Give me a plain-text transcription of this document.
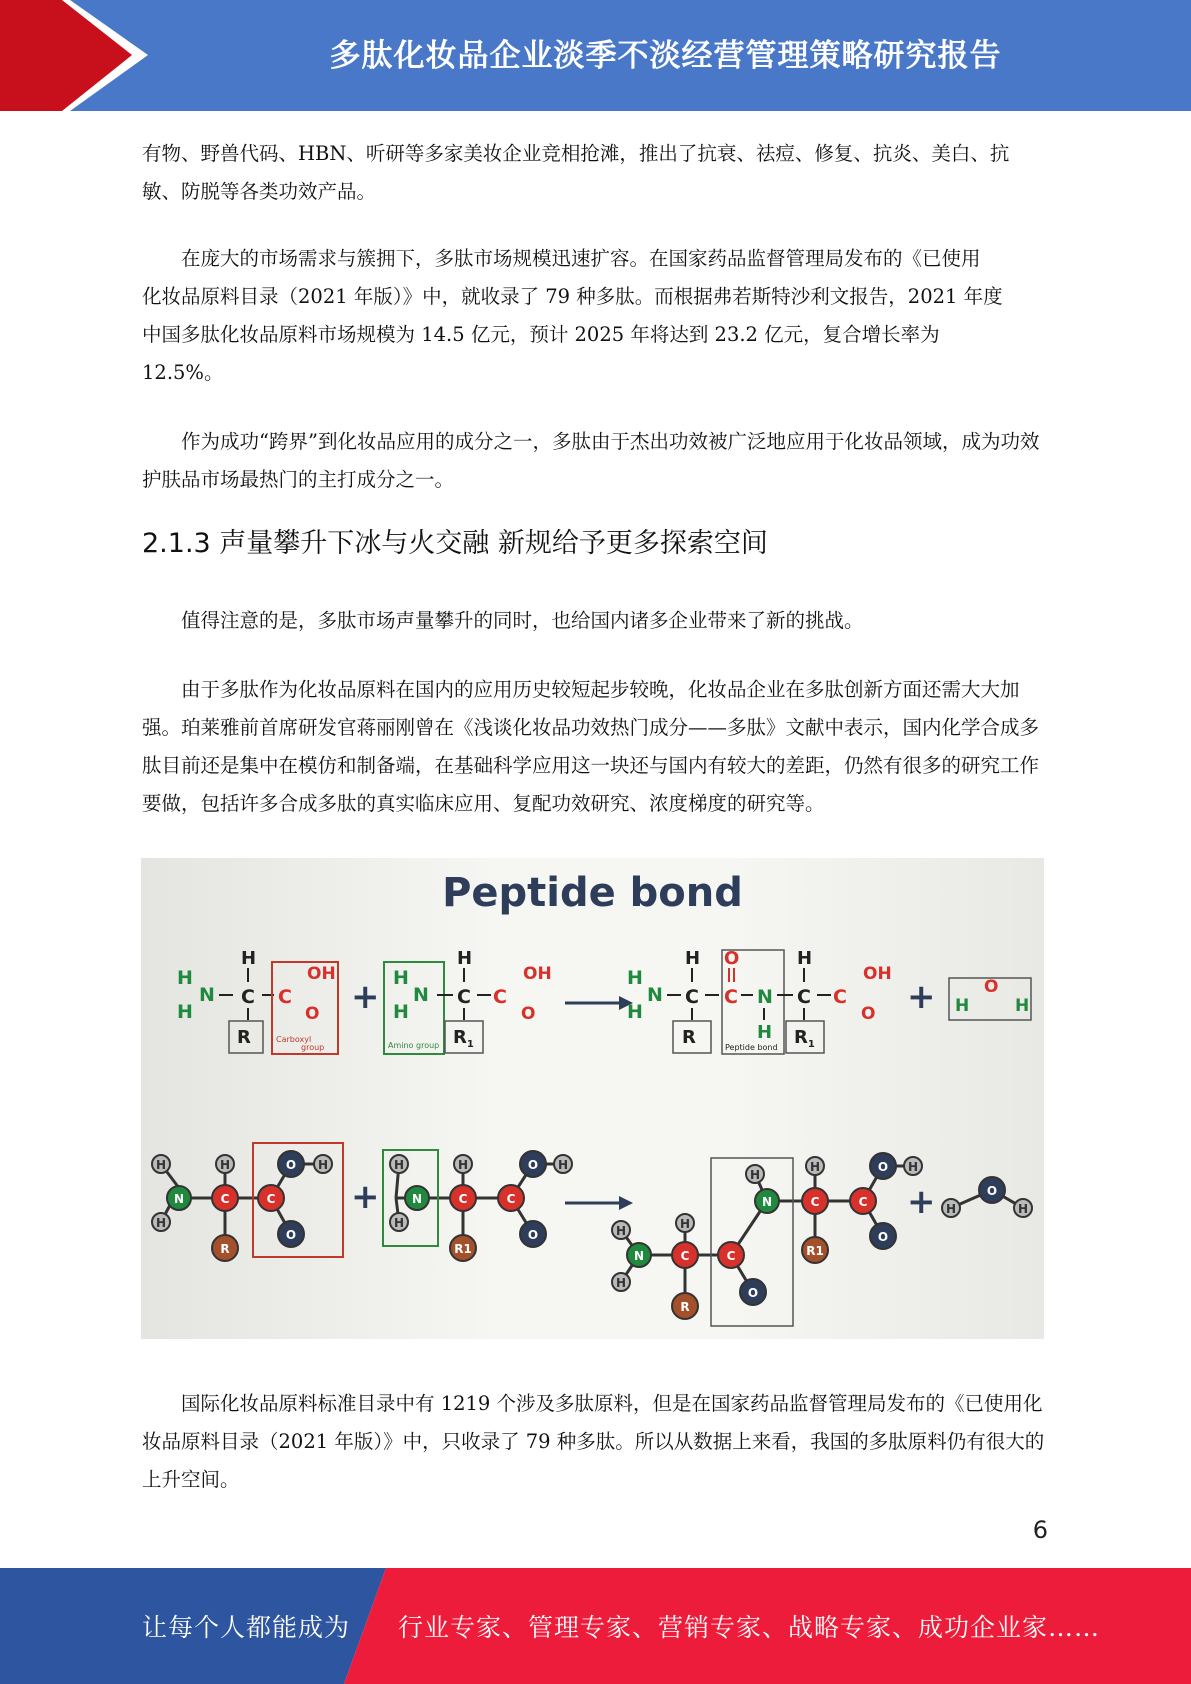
多肽化妆品企业淡季不淡经营管理策略研究报告

有物、野兽代码、HBN、听研等多家美妆企业竞相抢滩，推出了抗衰、祛痘、修复、抗炎、美白、抗敏、防脱等各类功效产品。

在庞大的市场需求与簇拥下，多肽市场规模迅速扩容。在国家药品监督管理局发布的《已使用

化妆品原料目录（2021 年版）》中，就收录了 79 种多肽。而根据弗若斯特沙利文报告，2021 年度

中国多肽化妆品原料市场规模为 14.5 亿元，预计 2025 年将达到 23.2 亿元，复合增长率为

12.5%。

作为成功“跨界”到化妆品应用的成分之一，多肽由于杰出功效被广泛地应用于化妆品领域，成为功效护肤品市场最热门的主打成分之一。

2.1.3 声量攀升下冰与火交融 新规给予更多探索空间

值得注意的是，多肽市场声量攀升的同时，也给国内诸多企业带来了新的挑战。

由于多肽作为化妆品原料在国内的应用历史较短起步较晚，化妆品企业在多肽创新方面还需大大加强。珀莱雅前首席研发官蒋丽刚曾在《浅谈化妆品功效热门成分——多肽》文献中表示，国内化学合成多肽目前还是集中在模仿和制备端，在基础科学应用这一块还与国内有较大的差距，仍然有很多的研究工作要做，包括许多合成多肽的真实临床应用、复配功效研究、浓度梯度的研究等。

Peptide bond
H
H
N C
H
R
C
OH
O
Carboxyl
group
+ H
H
N
Amino group
C
H
$R_1$
C
OH
O
H
H
N C
H
R
C
O
N
H
Peptide bond
C
H
$R_1$
C
OH
O + H
O
H
+	+
H
H
N
H
C
R
C
O H
O
H
H
N
H
C
R1
C
O H
O	H
H
N
H
C
R
C
O
H
N
H
C
R1
C
O H
O
H
O
H

国际化妆品原料标准目录中有 1219 个涉及多肽原料，但是在国家药品监督管理局发布的《已使用化妆品原料目录（2021 年版）》中，只收录了 79 种多肽。所以从数据上来看，我国的多肽原料仍有很大的上升空间。

6
让每个人都能成为 行业专家、管理专家、营销专家、战略专家、成功企业家……
